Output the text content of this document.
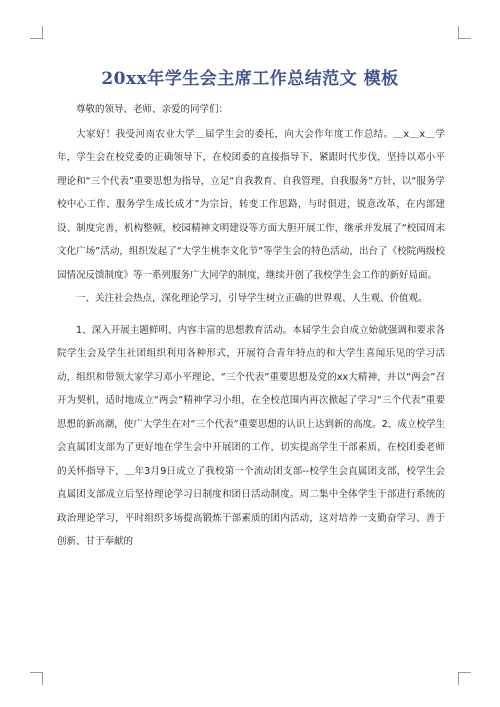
20xx年学生会主席工作总结范文 模板

尊敬的领导、老师、亲爱的同学们：

大家好！我受河南农业大学＿届学生会的委托，向大会作年度工作总结。＿x＿x＿学年，学生会在校党委的正确领导下，在校团委的直接指导下，紧跟时代步伐，坚持以邓小平理论和“三个代表”重要思想为指导，立足“自我教育、自我管理、自我服务”方针，以“服务学校中心工作、服务学生成长成才”为宗旨，转变工作思路，与时俱进，锐意改革，在内部建设、制度完善，机构整顿，校园精神文明建设等方面大胆开展工作，继承并发展了“校园周末文化广场”活动，组织发起了“大学生桃李文化节”等学生会的特色活动，出台了《校院两级校园情况反馈制度》等一系列服务广大同学的制度，继续开创了我校学生会工作的新好局面。

一、关注社会热点，深化理论学习，引导学生树立正确的世界观、人生观、价值观。

1、深入开展主题鲜明、内容丰富的思想教育活动。本届学生会自成立始就强调和要求各院学生会及学生社团组织利用各种形式，开展符合青年特点的和大学生喜闻乐见的学习活动，组织和带领大家学习邓小平理论、“三个代表”重要思想及党的xx大精神，并以“两会”召开为契机，适时地成立“两会”精神学习小组，在全校范围内再次掀起了学习“三个代表”重要思想的新高潮，使广大学生在对“三个代表”重要思想的认识上达到新的高度。2、成立校学生会直属团支部为了更好地在学生会中开展团的工作，切实提高学生干部素质，在校团委老师的关怀指导下，＿年3月9日成立了我校第一个流动团支部--校学生会直属团支部，校学生会直属团支部成立后坚持理论学习日制度和团日活动制度。周二集中全体学生干部进行系统的政治理论学习，平时组织多场提高锻炼干部素质的团内活动，这对培养一支勤奋学习、善于创新、甘于奉献的
